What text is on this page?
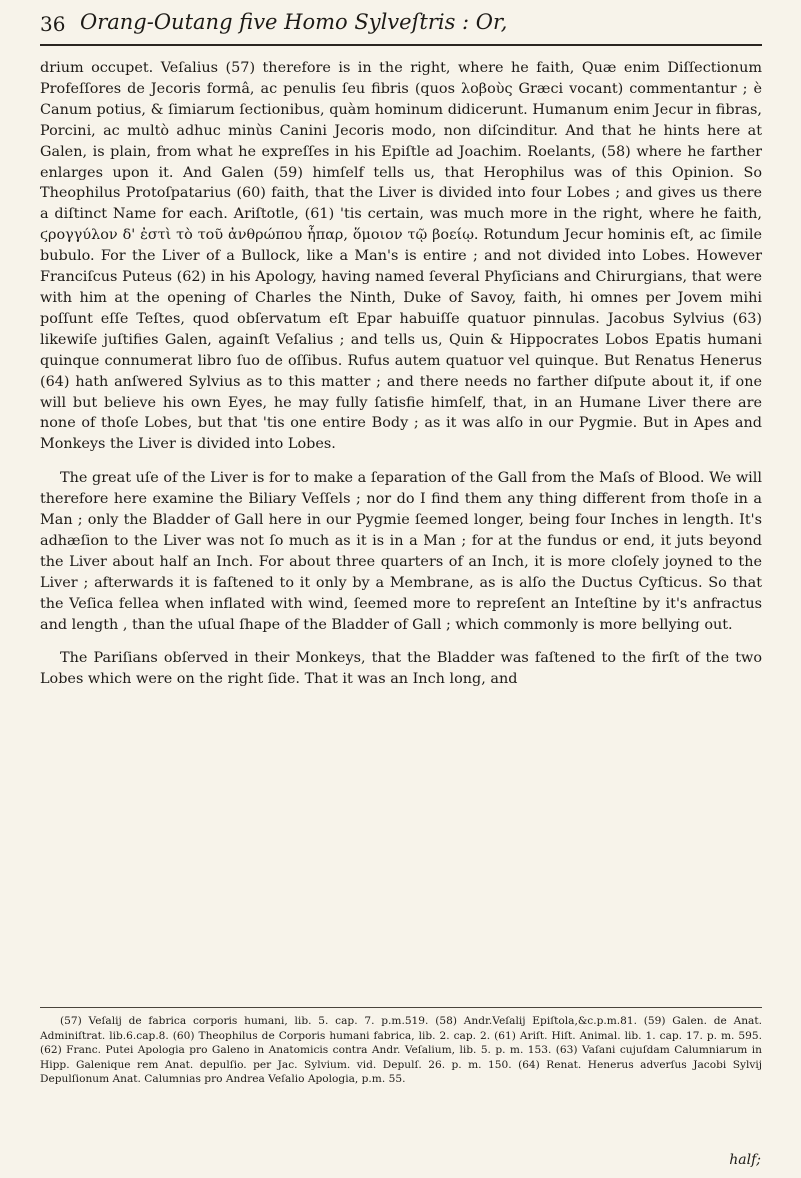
36 Orang-Outang five Homo Sylveſtris : Or,

drium occupet. Veſalius (57) therefore is in the right, where he faith, Quæ enim Diſſectionum Profeſſores de Jecoris formâ, ac penulis ſeu fibris (quos λοβοὺς Græci vocant) commentantur ; è Canum potius, & ſimiarum ſectionibus, quàm hominum didicerunt. Humanum enim Jecur in fibras, Porcini, ac multò adhuc minùs Canini Jecoris modo, non diſcinditur. And that he hints here at Galen, is plain, from what he expreſſes in his Epiſtle ad Joachim. Roelants, (58) where he farther enlarges upon it. And Galen (59) himſelf tells us, that Herophilus was of this Opinion. So Theophilus Protoſpatarius (60) faith, that the Liver is divided into four Lobes ; and gives us there a diſtinct Name for each. Ariſtotle, (61) 'tis certain, was much more in the right, where he faith, ϛρογγύλον δ' ἐστὶ τὸ τοῦ ἀνθρώπου ἧπαρ, ὅμοιον τῷ βοείῳ. Rotundum Jecur hominis eſt, ac ſimile bubulo. For the Liver of a Bullock, like a Man's is entire ; and not divided into Lobes. However Franciſcus Puteus (62) in his Apology, having named ſeveral Phyſicians and Chirurgians, that were with him at the opening of Charles the Ninth, Duke of Savoy, faith, hi omnes per Jovem mihi poſſunt eſſe Teſtes, quod obſervatum eſt Epar habuiſſe quatuor pinnulas. Jacobus Sylvius (63) likewiſe juſtifies Galen, againſt Veſalius ; and tells us, Quin & Hippocrates Lobos Epatis humani quinque connumerat libro ſuo de oſſibus. Rufus autem quatuor vel quinque. But Renatus Henerus (64) hath anſwered Sylvius as to this matter ; and there needs no farther diſpute about it, if one will but believe his own Eyes, he may fully ſatisfie himſelf, that, in an Humane Liver there are none of thoſe Lobes, but that 'tis one entire Body ; as it was alſo in our Pygmie. But in Apes and Monkeys the Liver is divided into Lobes.

The great uſe of the Liver is for to make a ſeparation of the Gall from the Maſs of Blood. We will therefore here examine the Biliary Veſſels ; nor do I find them any thing different from thoſe in a Man ; only the Bladder of Gall here in our Pygmie ſeemed longer, being four Inches in length. It's adhæſion to the Liver was not ſo much as it is in a Man ; for at the fundus or end, it juts beyond the Liver about half an Inch. For about three quarters of an Inch, it is more cloſely joyned to the Liver ; afterwards it is faſtened to it only by a Membrane, as is alſo the Ductus Cyſticus. So that the Veſica fellea when inflated with wind, ſeemed more to repreſent an Inteſtine by it's anfractus and length , than the uſual ſhape of the Bladder of Gall ; which commonly is more bellying out.

The Pariſians obſerved in their Monkeys, that the Bladder was faſtened to the firſt of the two Lobes which were on the right ſide. That it was an Inch long, and

(57) Veſalij de fabrica corporis humani, lib. 5. cap. 7. p.m.519. (58) Andr.Veſalij Epiſtola,&c.p.m.81. (59) Galen. de Anat. Adminiſtrat. lib.6.cap.8. (60) Theophilus de Corporis humani fabrica, lib. 2. cap. 2. (61) Ariſt. Hiſt. Animal. lib. 1. cap. 17. p. m. 595. (62) Franc. Putei Apologia pro Galeno in Anatomicis contra Andr. Veſalium, lib. 5. p. m. 153. (63) Vaſani cujuſdam Calumniarum in Hipp. Galenique rem Anat. depulſio. per Jac. Sylvium. vid. Depulſ. 26. p. m. 150. (64) Renat. Henerus adverſus Jacobi Sylvij Depulſionum Anat. Calumnias pro Andrea Veſalio Apologia, p.m. 55.

half;
